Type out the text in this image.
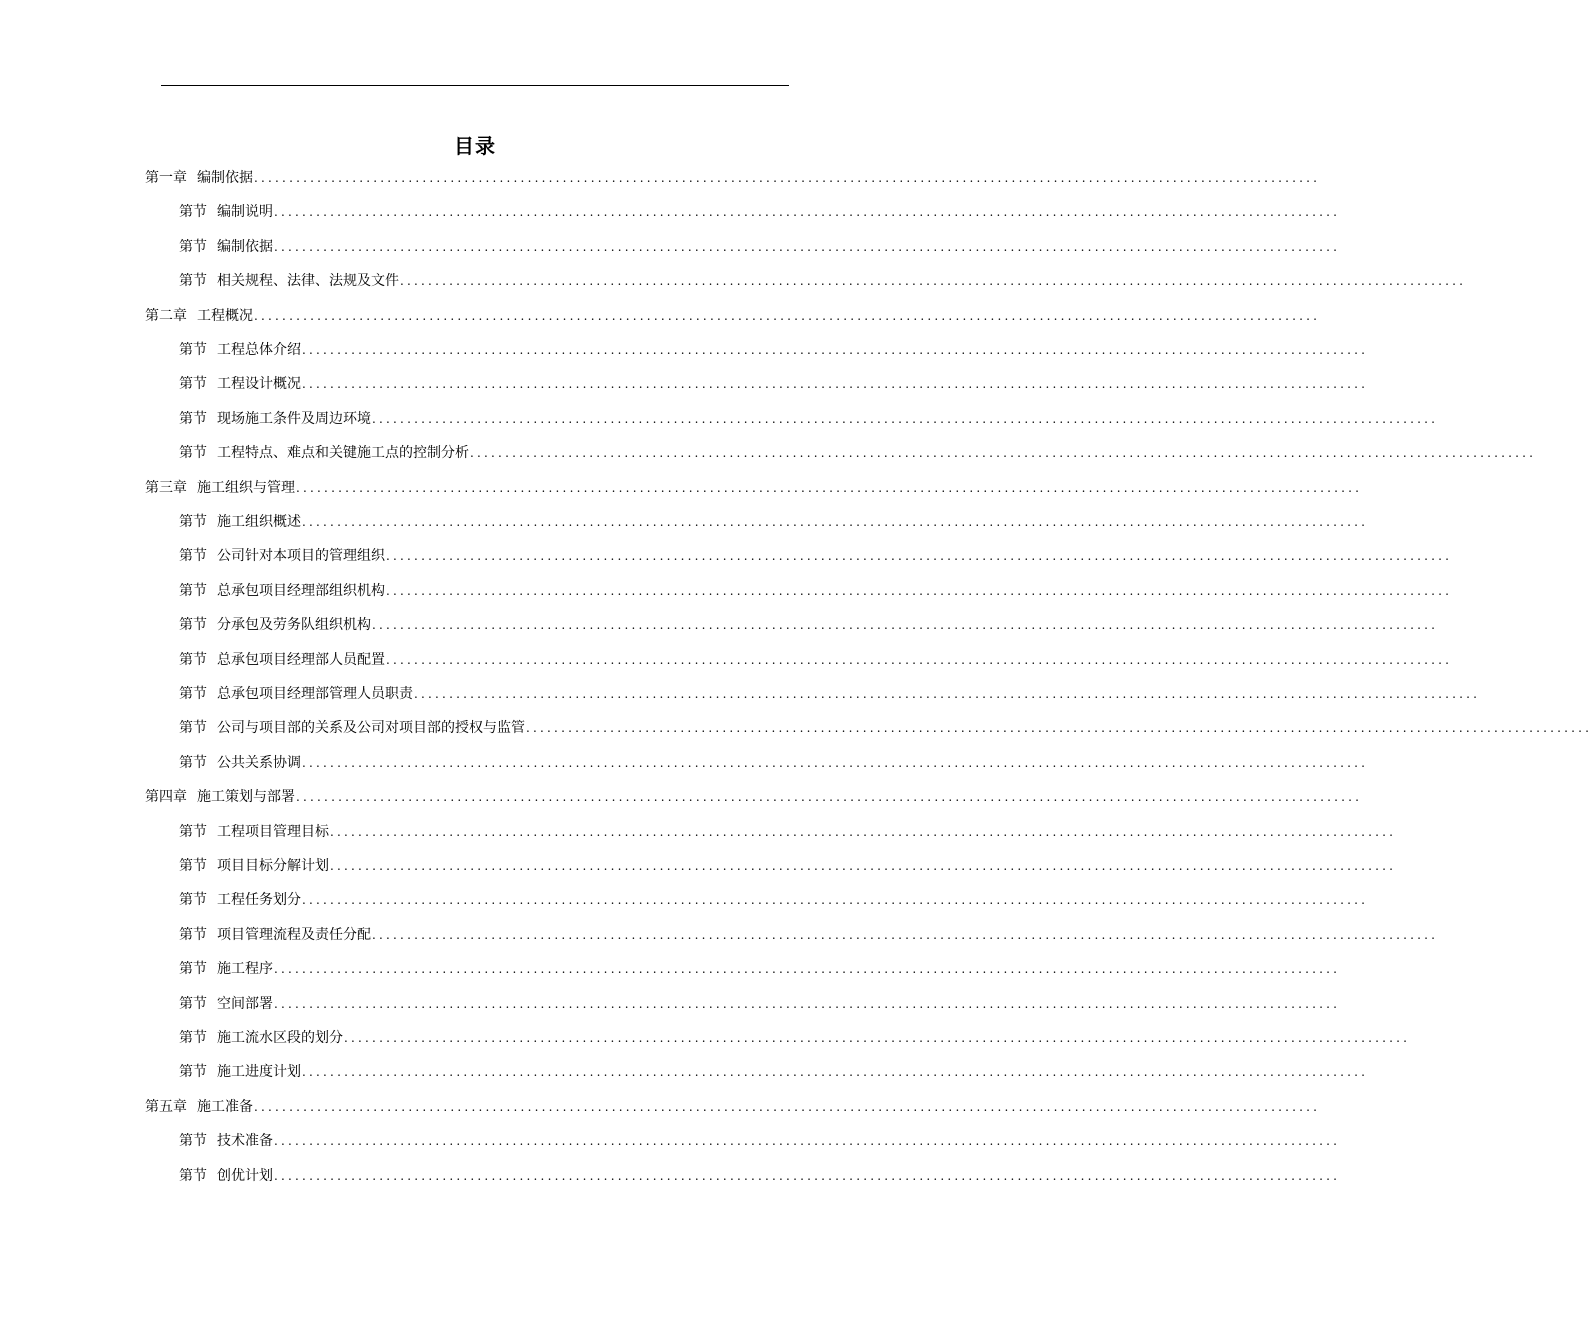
目录
第一章 编制依据 ........................................................................................................................................................
第节 编制说明 ........................................................................................................................................................
第节 编制依据 ........................................................................................................................................................
第节 相关规程、法律、法规及文件 ........................................................................................................................................................
第二章 工程概况 ........................................................................................................................................................
第节 工程总体介绍 ........................................................................................................................................................
第节 工程设计概况 ........................................................................................................................................................
第节 现场施工条件及周边环境 ........................................................................................................................................................
第节 工程特点、难点和关键施工点的控制分析 ........................................................................................................................................................
第三章 施工组织与管理 ........................................................................................................................................................
第节 施工组织概述 ........................................................................................................................................................
第节 公司针对本项目的管理组织 ........................................................................................................................................................
第节 总承包项目经理部组织机构 ........................................................................................................................................................
第节 分承包及劳务队组织机构 ........................................................................................................................................................
第节 总承包项目经理部人员配置 ........................................................................................................................................................
第节 总承包项目经理部管理人员职责 ........................................................................................................................................................
第节 公司与项目部的关系及公司对项目部的授权与监管 ........................................................................................................................................................
第节 公共关系协调 ........................................................................................................................................................
第四章 施工策划与部署 ........................................................................................................................................................
第节 工程项目管理目标 ........................................................................................................................................................
第节 项目目标分解计划 ........................................................................................................................................................
第节 工程任务划分 ........................................................................................................................................................
第节 项目管理流程及责任分配 ........................................................................................................................................................
第节 施工程序 ........................................................................................................................................................
第节 空间部署 ........................................................................................................................................................
第节 施工流水区段的划分 ........................................................................................................................................................
第节 施工进度计划 ........................................................................................................................................................
第五章 施工准备 ........................................................................................................................................................
第节 技术准备 ........................................................................................................................................................
第节 创优计划 ........................................................................................................................................................
